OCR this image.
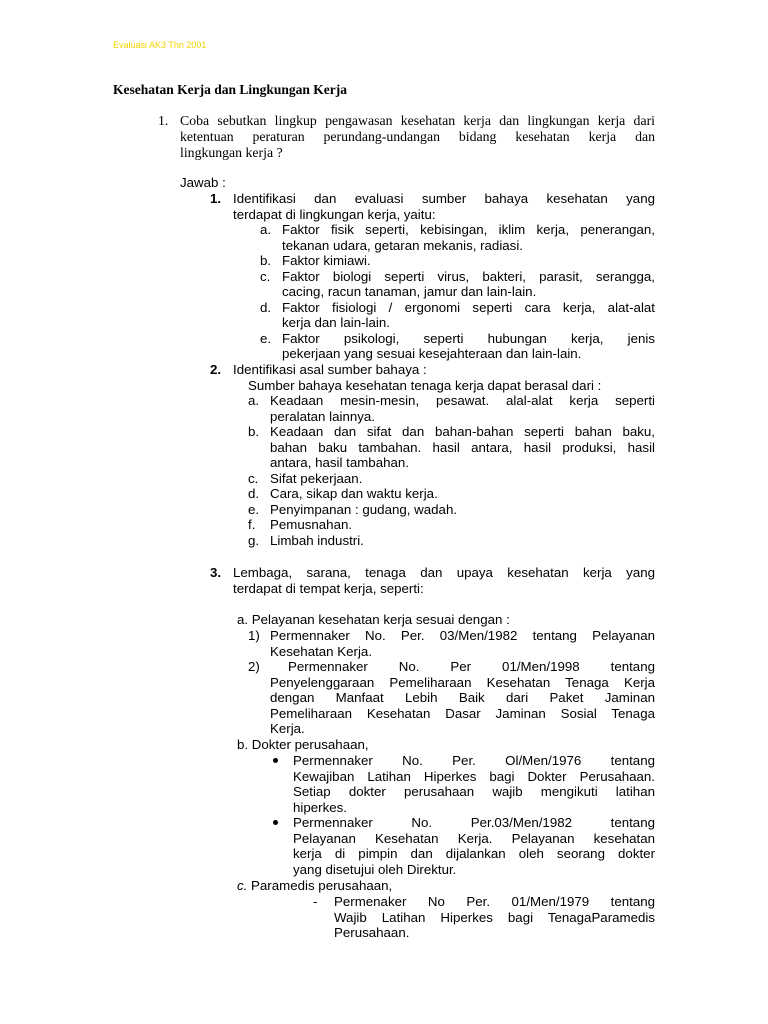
Evaluasi AK3 Thn 2001
Kesehatan Kerja dan Lingkungan Kerja
1. Coba sebutkan lingkup pengawasan kesehatan kerja dan lingkungan kerja dari
ketentuan peraturan perundang-undangan bidang kesehatan kerja dan
lingkungan kerja ?
Jawab :
1. Identifikasi dan evaluasi sumber bahaya kesehatan yang
terdapat di lingkungan kerja, yaitu:
a. Faktor fisik seperti, kebisingan, iklim kerja, penerangan,
tekanan udara, getaran mekanis, radiasi.
b. Faktor kimiawi.
c. Faktor biologi seperti virus, bakteri, parasit, serangga,
cacing, racun tanaman, jamur dan lain-lain.
d. Faktor fisiologi / ergonomi seperti cara kerja, alat-alat
kerja dan lain-lain.
e. Faktor psikologi, seperti hubungan kerja, jenis
pekerjaan yang sesuai kesejahteraan dan lain-lain.
2. Identifikasi asal sumber bahaya :
Sumber bahaya kesehatan tenaga kerja dapat berasal dari :
a. Keadaan mesin-mesin, pesawat. alal-alat kerja seperti
peralatan lainnya.
b. Keadaan dan sifat dan bahan-bahan seperti bahan baku,
bahan baku tambahan. hasil antara, hasil produksi, hasil
antara, hasil tambahan.
c. Sifat pekerjaan.
d. Cara, sikap dan waktu kerja.
e. Penyimpanan : gudang, wadah.
f. Pemusnahan.
g. Limbah industri.
3. Lembaga, sarana, tenaga dan upaya kesehatan kerja yang
terdapat di tempat kerja, seperti:
a. Pelayanan kesehatan kerja sesuai dengan :
1) Permennaker No. Per. 03/Men/1982 tentang Pelayanan
Kesehatan Kerja.
2)	Permennaker No. Per 01/Men/1998 tentang
Penyelenggaraan Pemeliharaan Kesehatan Tenaga Kerja
dengan Manfaat Lebih Baik dari Paket Jaminan
Pemeliharaan Kesehatan Dasar Jaminan Sosial Tenaga
Kerja.
b. Dokter perusahaan,
Permennaker No. Per. Ol/Men/1976 tentang
Kewajiban Latihan Hiperkes bagi Dokter Perusahaan.
Setiap dokter perusahaan wajib mengikuti latihan
hiperkes.
Permennaker No. Per.03/Men/1982 tentang
Pelayanan Kesehatan Kerja. Pelayanan kesehatan
kerja di pimpin dan dijalankan oleh seorang dokter
yang disetujui oleh Direktur.
c. Paramedis perusahaan,
- Permenaker No Per. 01/Men/1979 tentang
Wajib Latihan Hiperkes bagi TenagaParamedis
Perusahaan.
